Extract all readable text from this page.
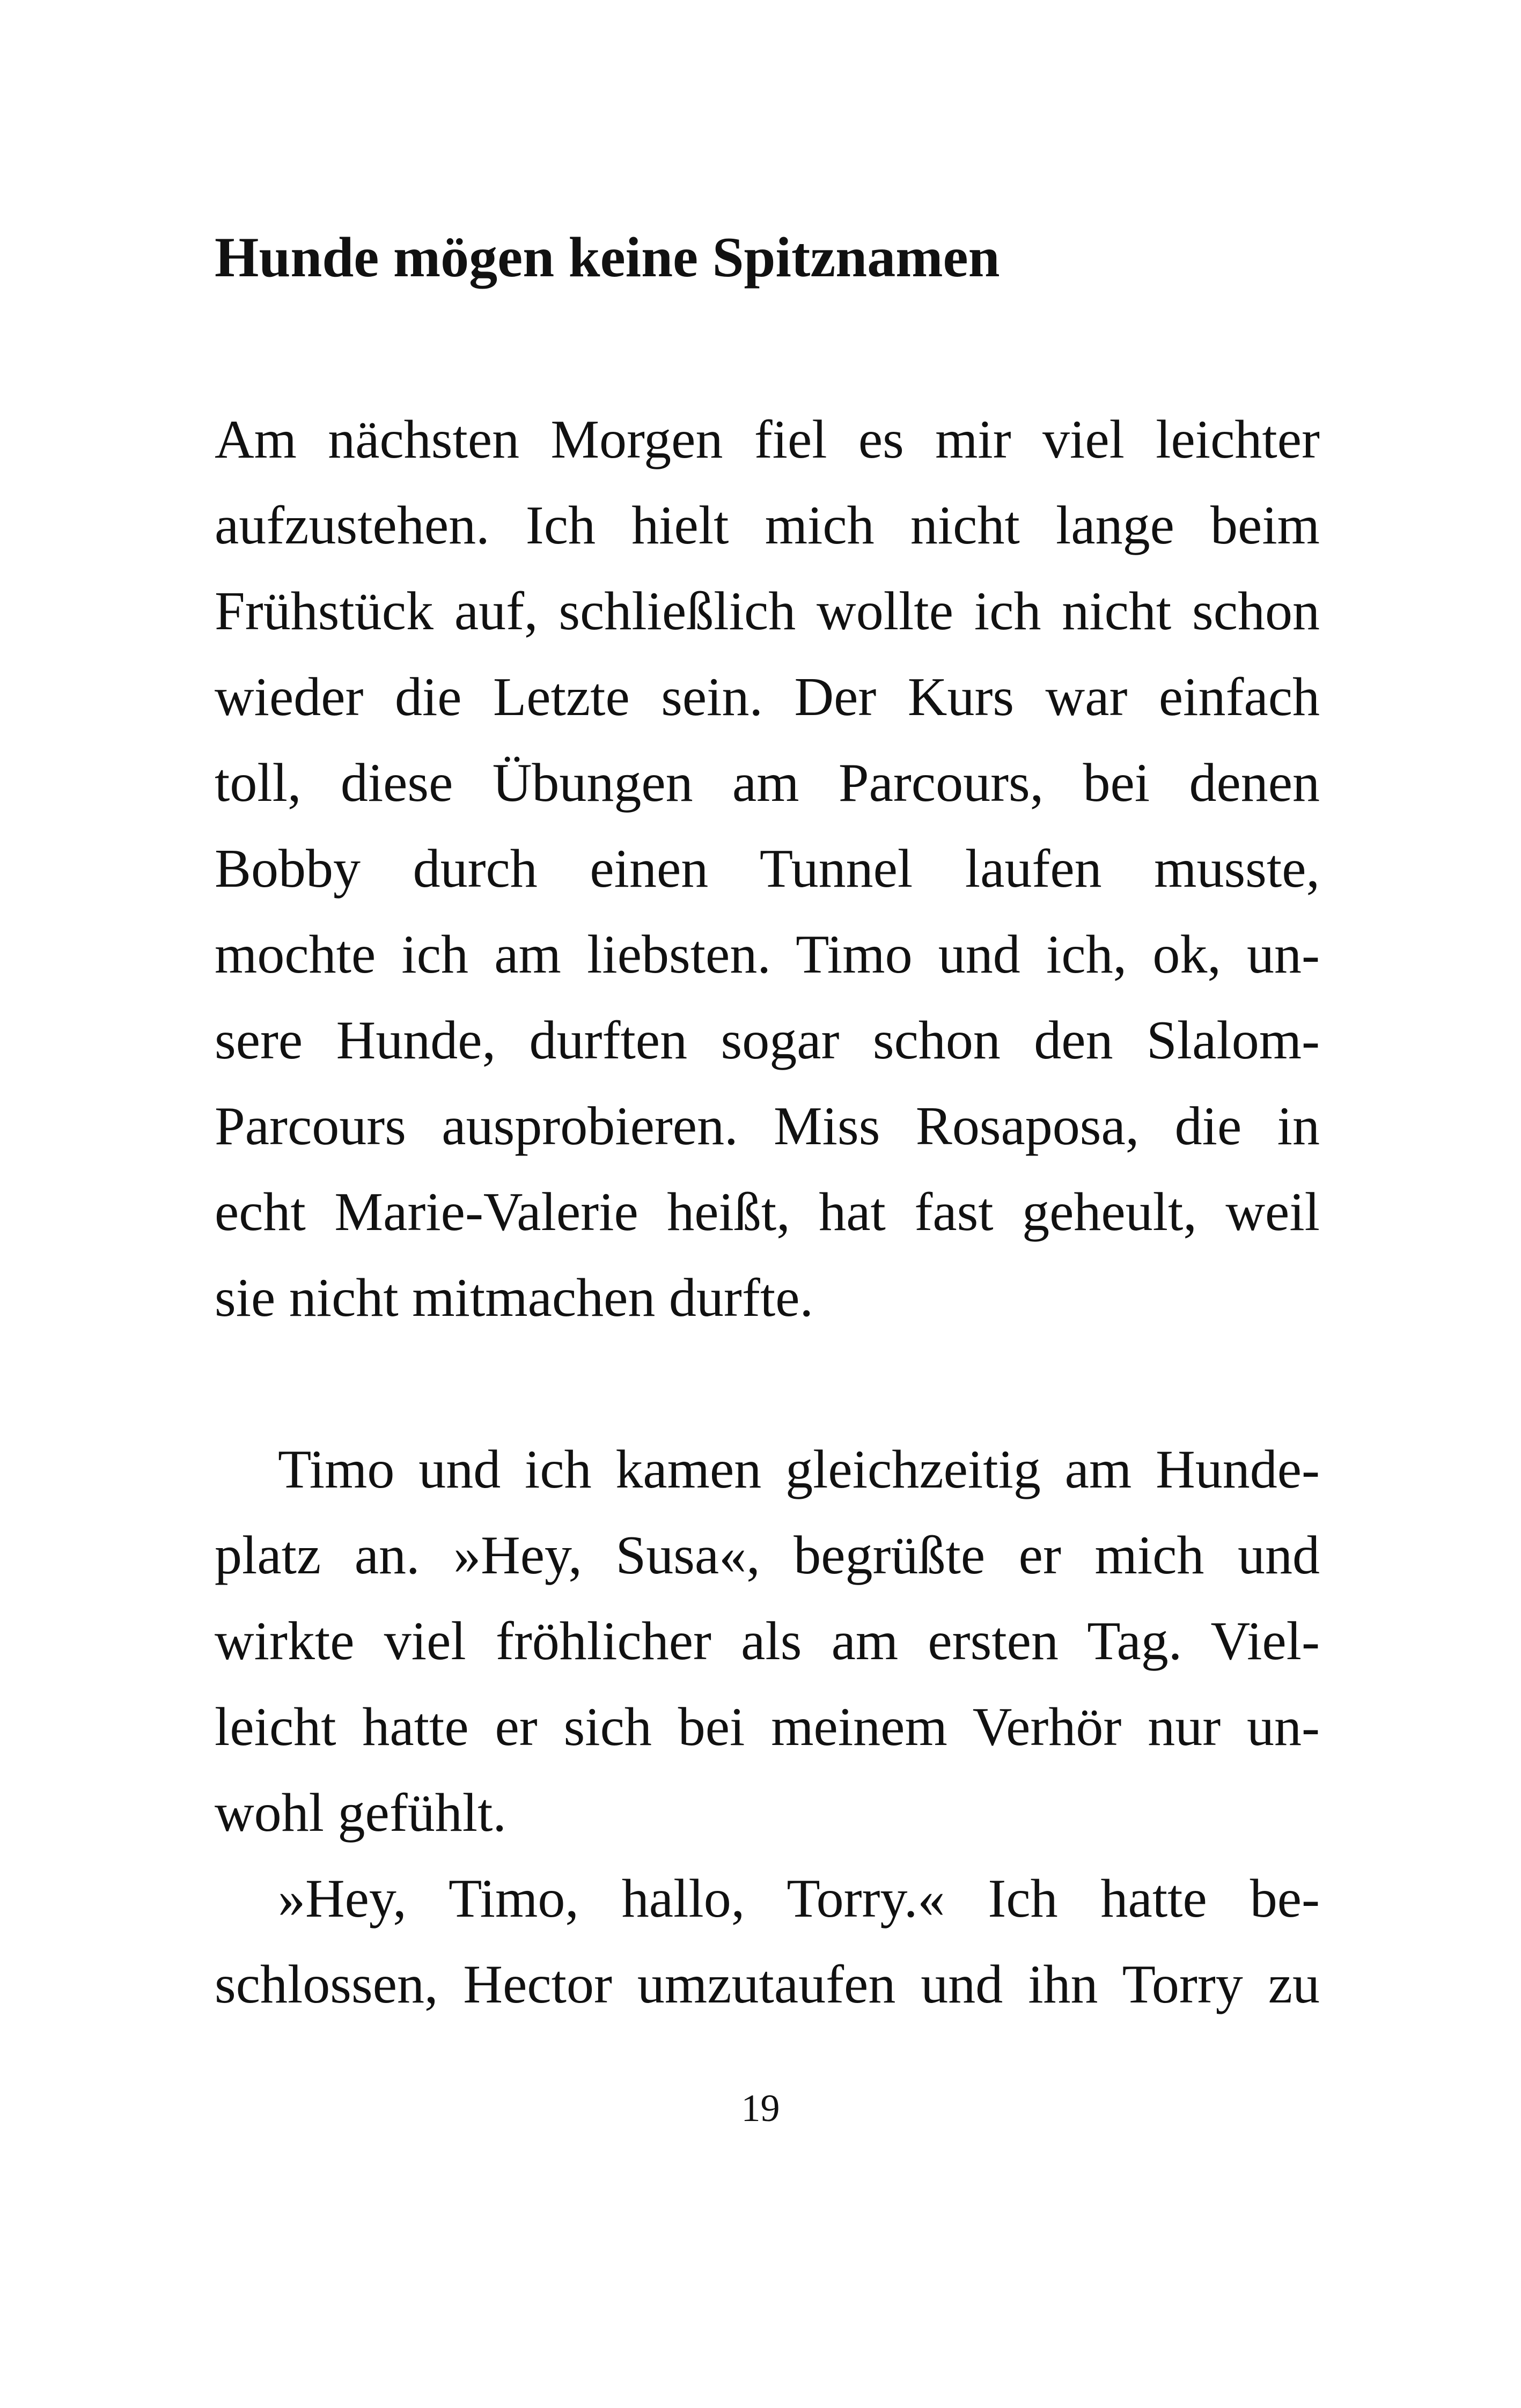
Hunde mögen keine Spitznamen
Am nächsten Morgen fiel es mir viel leichter
aufzustehen. Ich hielt mich nicht lange beim
Frühstück auf, schließlich wollte ich nicht schon
wieder die Letzte sein. Der Kurs war einfach
toll, diese Übungen am Parcours, bei denen
Bobby durch einen Tunnel laufen musste,
mochte ich am liebsten. Timo und ich, ok, un-
sere Hunde, durften sogar schon den Slalom-
Parcours ausprobieren. Miss Rosaposa, die in
echt Marie-Valerie heißt, hat fast geheult, weil
sie nicht mitmachen durfte.
Timo und ich kamen gleichzeitig am Hunde-
platz an. »Hey, Susa«, begrüßte er mich und
wirkte viel fröhlicher als am ersten Tag. Viel-
leicht hatte er sich bei meinem Verhör nur un-
wohl gefühlt.
»Hey, Timo, hallo, Torry.« Ich hatte be-
schlossen, Hector umzutaufen und ihn Torry zu

19
